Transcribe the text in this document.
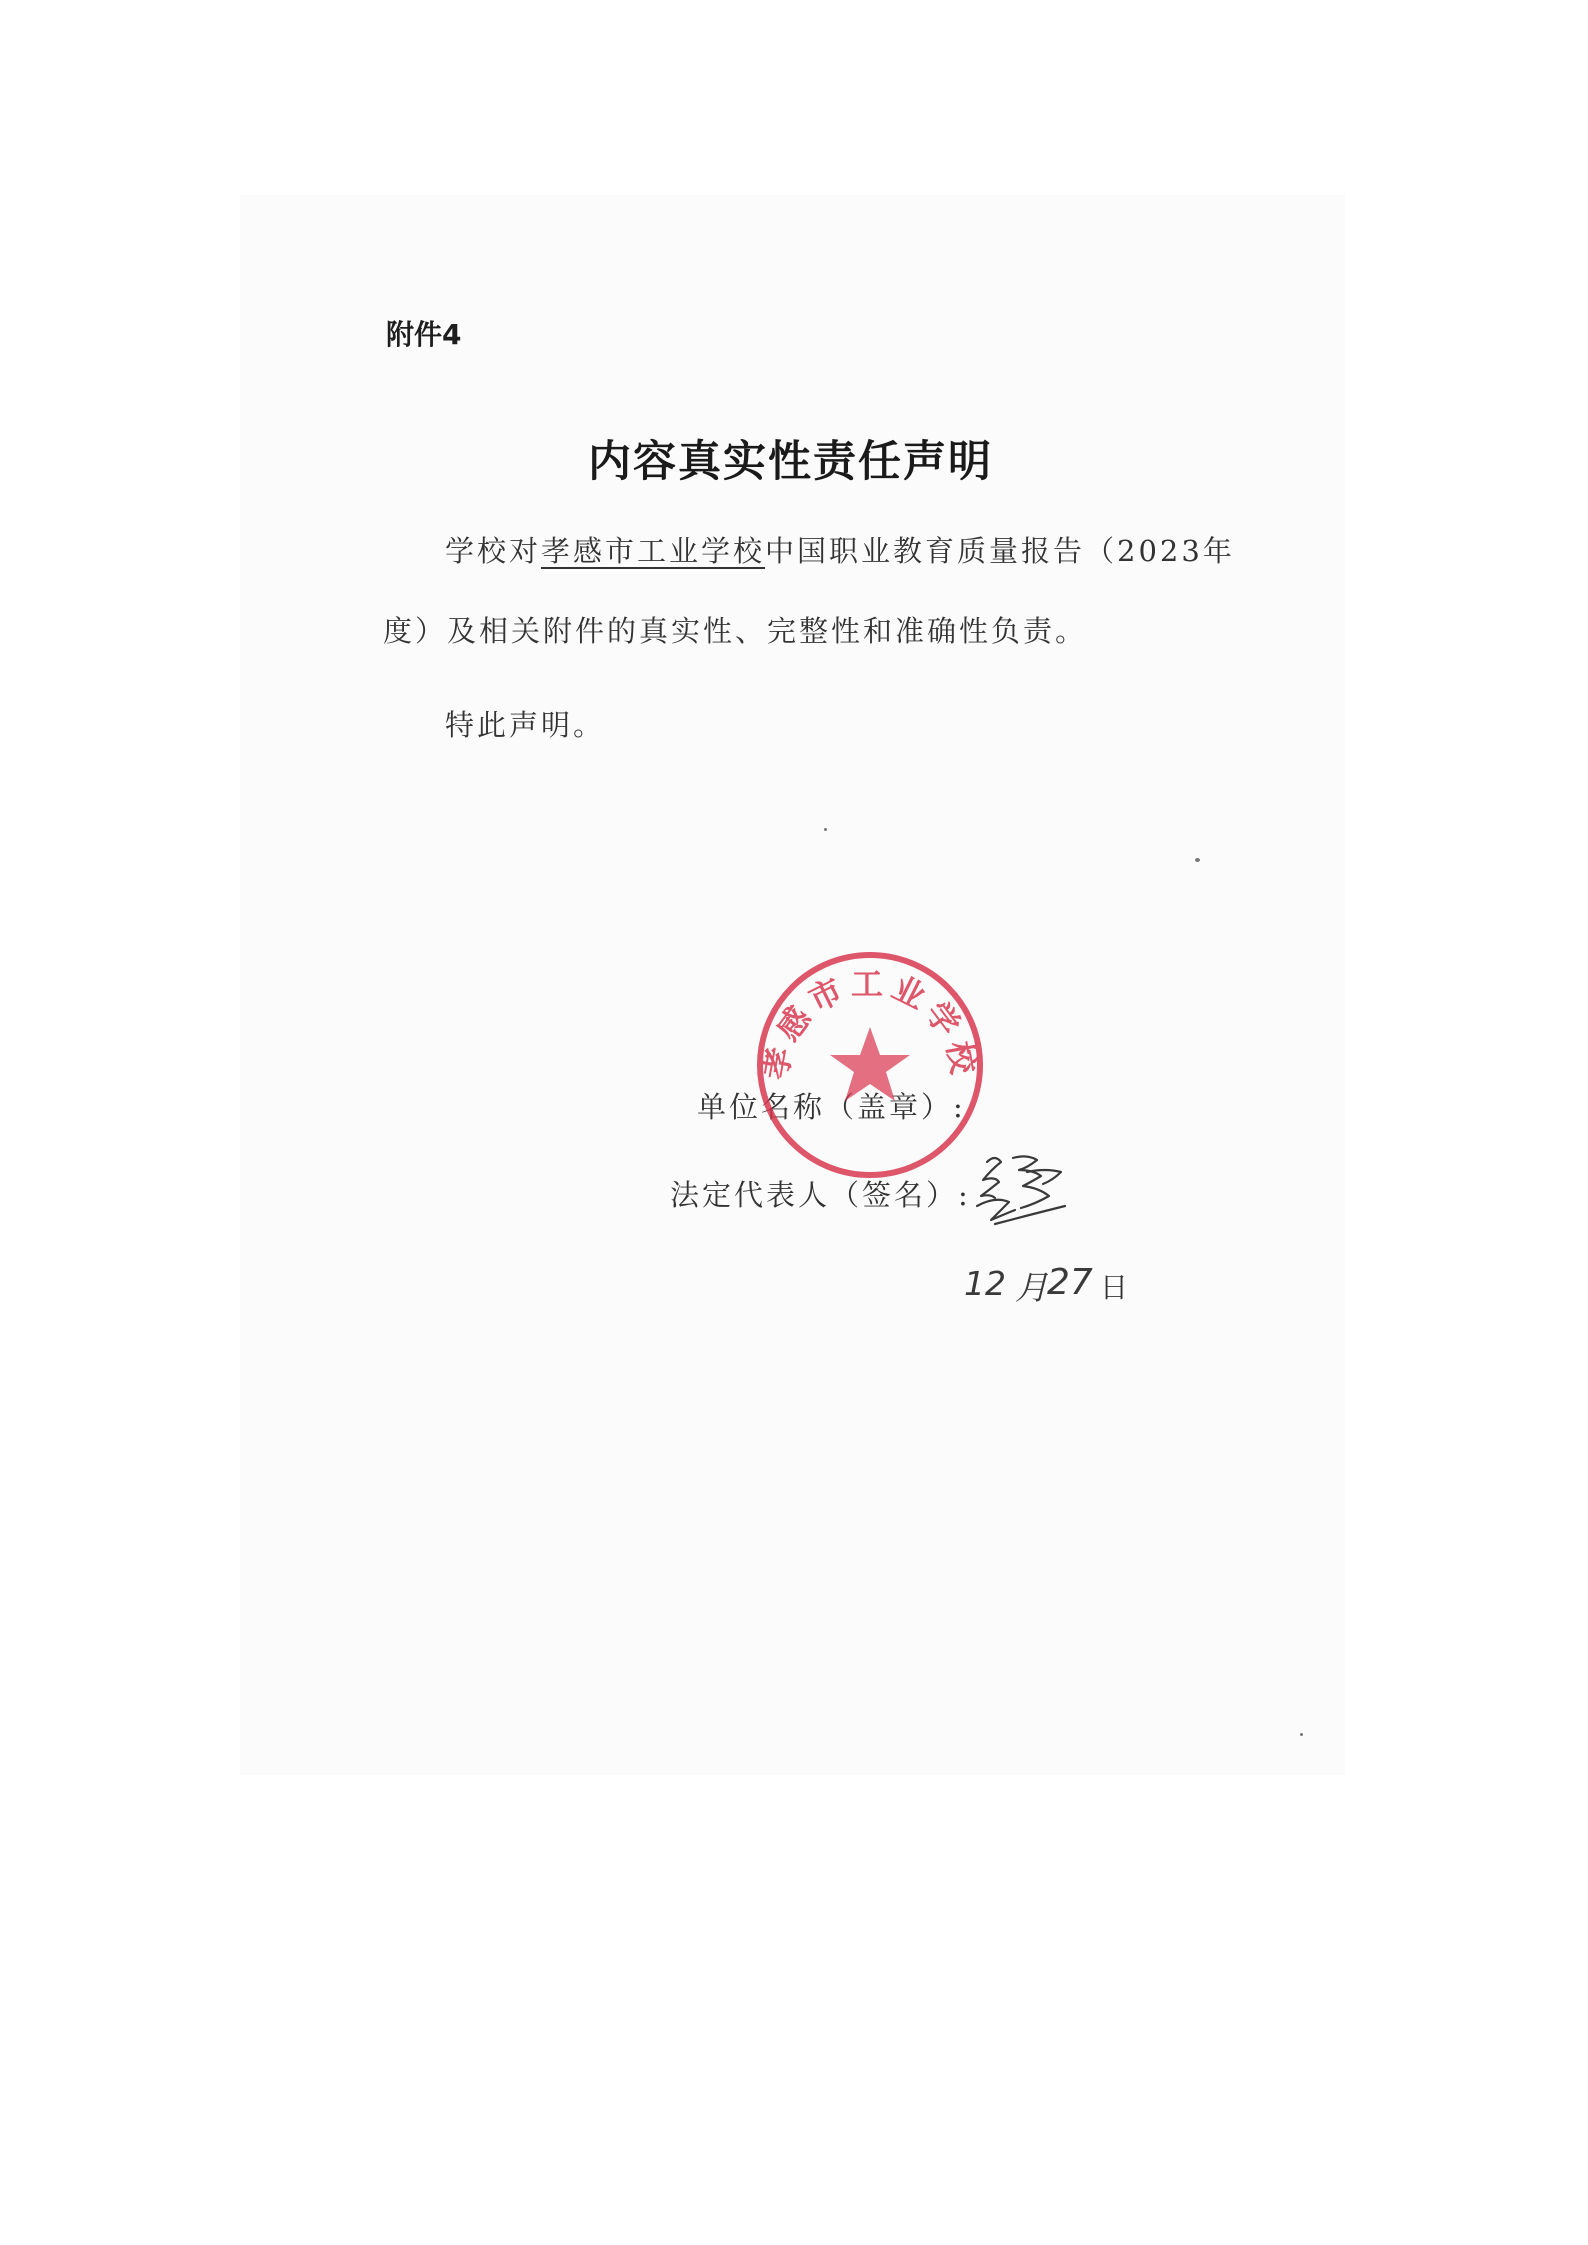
附件4
内容真实性责任声明
学校对孝感市工业学校中国职业教育质量报告（2023年
度）及相关附件的真实性、完整性和准确性负责。
特此声明。
单位名称（盖章）:
法定代表人（签名）:
12 月 27 日
孝感市工业学校
